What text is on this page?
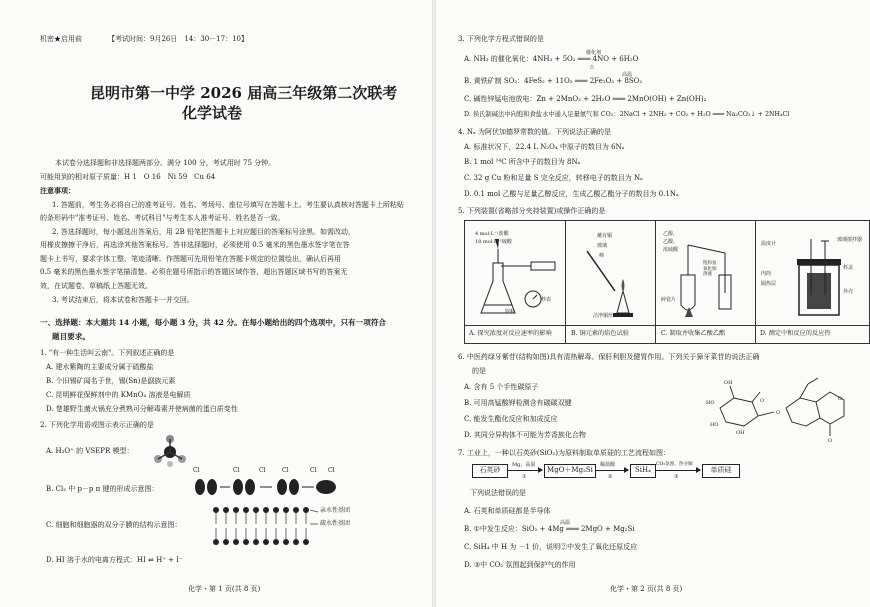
机密★启用前	【考试时间：9月26日　14：30－17：10】
昆明市第一中学 2026 届高三年级第二次联考
化学试卷
本试卷分选择题和非选择题两部分。满分 100 分，考试用时 75 分钟。
可能用到的相对原子质量：H 1　O 16　Ni 59　Cu 64
注意事项：
1. 答题前，考生务必将自己的准考证号、姓名、考场号、座位号填写在答题卡上。考生要认真核对答题卡上所粘贴
的条形码中"准考证号、姓名、考试科目"与考生本人准考证号、姓名是否一致。
2. 答选择题时，每小题选出答案后，用 2B 铅笔把答题卡上对应题目的答案标号涂黑。如需改动，
用橡皮擦擦干净后，再选涂其他答案标号。答非选择题时，必须使用 0.5 毫米的黑色墨水签字笔在答
题卡上书写，要求字体工整、笔迹清晰。作图题可先用铅笔在答题卡规定的位置绘出，确认后再用
0.5 毫米的黑色墨水签字笔描清楚。必须在题号所指示的答题区域作答，超出答题区域书写的答案无
效，在试题卷、草稿纸上答题无效。
3. 考试结束后，将本试卷和答题卡一并交回。
一、选择题：本大题共 14 小题，每小题 3 分，共 42 分。在每小题给出的四个选项中，只有一项符合
题目要求。
1. "有一种生活叫云南"。下列叙述正确的是
A. 建水紫陶的主要成分属于硫酸盐
B. 个旧锡矿闻名于世，锡(Sn)是副族元素
C. 昆明鲜花保鲜剂中的 KMnO₄ 溶液是电解质
D. 楚雄野生菌火锅充分煮熟可分解毒素并使病菌的蛋白质变性
2. 下列化学用语或图示表示正确的是
A. H₃O⁺ 的 VSEPR 模型：
B. Cl₂ 中 p－p π 键的形成示意图：
Cl	Cl	Cl	Cl	Cl Cl
C. 细胞和细胞器的双分子膜的结构示意图：
亲水性基团
疏水性基团
D. HI 溶于水的电离方程式：HI ⇌ H⁺ + I⁻
化学・第 1 页(共 8 页)
3. 下列化学方程式错误的是
催化剂
A. NH₃ 的催化氧化：4NH₃ + 5O₂ ═══ 4NO + 6H₂O
△
高温
B. 黄铁矿制 SO₂：4FeS₂ + 11O₂ ═══ 2Fe₂O₃ + 8SO₂
C. 碱性锌锰电池放电：Zn + 2MnO₂ + 2H₂O ═══ 2MnO(OH) + Zn(OH)₂
D. 侯氏制碱法中向饱和食盐水中通入足量氨气和 CO₂：2NaCl + 2NH₃ + CO₂ + H₂O ═══ Na₂CO₃↓ + 2NH₄Cl
4. Nₐ 为阿伏加德罗常数的值。下列说法正确的是
A. 标准状况下，22.4 L N₂O₄ 中原子的数目为 6Nₐ
B. 1 mol ¹⁴C 所含中子的数目为 8Nₐ
C. 32 g Cu 粉和足量 S 完全反应，转移电子的数目为 Nₐ
D. 0.1 mol 乙酸与足量乙醇反应，生成乙酸乙酯分子的数目为 0.1Nₐ
5. 下列装置(省略部分夹持装置)或操作正确的是
4 mol·L⁻¹盐酸
18 mol·L⁻¹硫酸
锌粒
秒表
蘸有铜
玻璃
棒
洁净铜丝
乙醇、
乙酸、
浓硫酸
碎瓷片
饱和氢氧化钠溶液
温度计
玻璃搅拌器
杯盖
内筒
隔热层
外壳
A. 探究浓度对反应速率的影响	B. 铜元素的焰色试验	C. 制取并收集乙酸乙酯	D. 测定中和反应的反应热
6. 中医药绿牙紫苷(结构如图)具有清热解毒、保肝利胆及健胃作用。下列关于獐牙菜苷的说法正确
的是
A. 含有 5 个手性碳原子
B. 可用高锰酸钾检测含有碳碳双键
C. 能发生酯化反应和加成反应
D. 其同分异构体不可能为芳香族化合物
OH
HO
HO
OH
O
O
O
O
7. 工业上，一种以石英砂(SiO₂)为原料制取单质硅的工艺流程如图：
石英砂
Mg，高温
①
MgO＋Mg₂Si
稀盐酸
②
SiH₄
CO₂氛围，热分解
③
单质硅
下列说法错误的是
A. 石英和单质硅都是半导体
高温
B. ①中发生反应：SiO₂ + 4Mg ═══ 2MgO + Mg₂Si
C. SiH₄ 中 H 为 －1 价，说明②中发生了氧化还原反应
D. ③中 CO₂ 氛围起到保护气的作用
化学・第 2 页(共 8 页)
